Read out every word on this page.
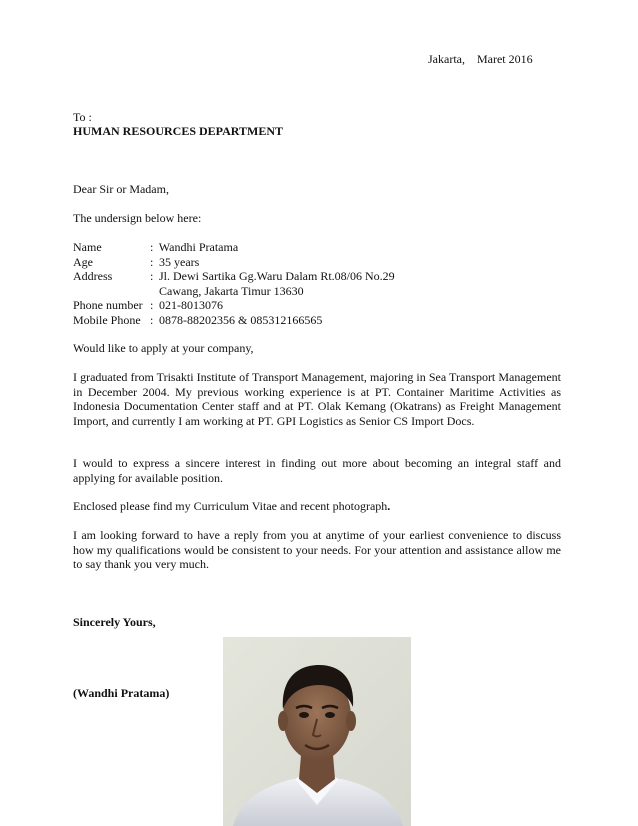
Jakarta, Maret 2016
To :
HUMAN RESOURCES DEPARTMENT
Dear Sir or Madam,
The undersign below here:
Name	: Wandhi Pratama
Age	: 35 years
Address	: Jl. Dewi Sartika Gg.Waru Dalam Rt.08/06 No.29
Cawang, Jakarta Timur 13630
Phone number : 021-8013076
Mobile Phone : 0878-88202356 & 085312166565
Would like to apply at your company,
I graduated from Trisakti Institute of Transport Management, majoring in Sea Transport Management in December 2004. My previous working experience is at PT. Container Maritime Activities as Indonesia Documentation Center staff and at PT. Olak Kemang (Okatrans) as Freight Management Import, and currently I am working at PT. GPI Logistics as Senior CS Import Docs.
I would to express a sincere interest in finding out more about becoming an integral staff and applying for available position.
Enclosed please find my Curriculum Vitae and recent photograph.
I am looking forward to have a reply from you at anytime of your earliest convenience to discuss how my qualifications would be consistent to your needs. For your attention and assistance allow me to say thank you very much.
Sincerely Yours,
(Wandhi Pratama)
